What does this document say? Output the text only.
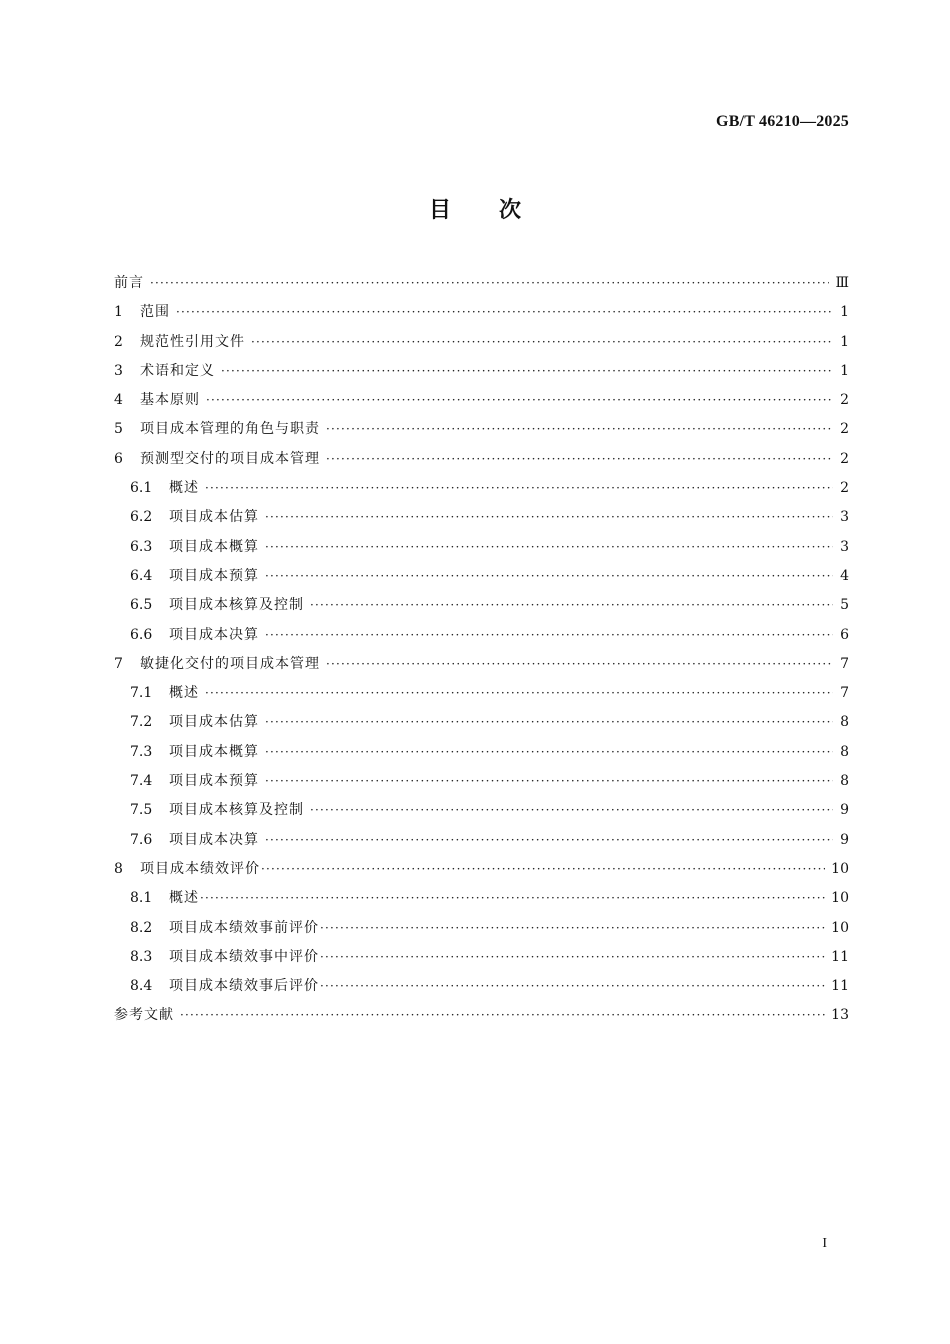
GB/T 46210—2025
目次
前言 ·····	Ⅲ
1	范围 ·····	1
2	规范性引用文件 ·····	1
3	术语和定义 ·····	1
4	基本原则 ·····	2
5	项目成本管理的角色与职责 ·····	2
6	预测型交付的项目成本管理 ·····	2
6.1	概述 ·····	2
6.2	项目成本估算 ·····	3
6.3	项目成本概算 ·····	3
6.4	项目成本预算 ·····	4
6.5	项目成本核算及控制 ·····	5
6.6	项目成本决算 ·····	6
7	敏捷化交付的项目成本管理 ·····	7
7.1	概述 ·····	7
7.2	项目成本估算 ·····	8
7.3	项目成本概算 ·····	8
7.4	项目成本预算 ·····	8
7.5	项目成本核算及控制 ·····	9
7.6	项目成本决算 ·····	9
8	项目成本绩效评价 ·····	10
8.1	概述 ·····	10
8.2	项目成本绩效事前评价 ·····	10
8.3	项目成本绩效事中评价 ·····	11
8.4	项目成本绩效事后评价 ·····	11
参考文献 ·····	13
I
